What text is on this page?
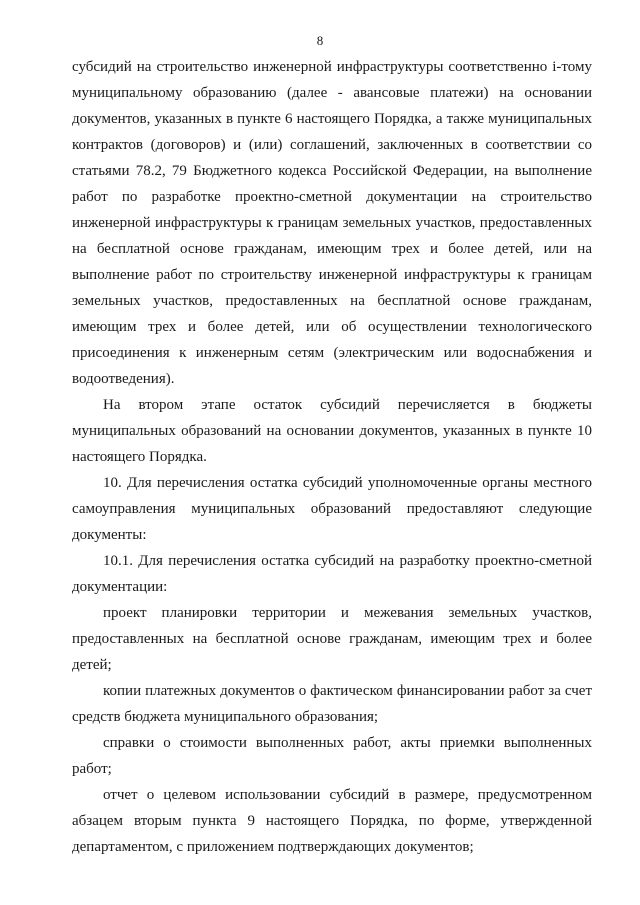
8

субсидий на строительство инженерной инфраструктуры соответственно i-тому муниципальному образованию (далее - авансовые платежи) на основании документов, указанных в пункте 6 настоящего Порядка, а также муниципальных контрактов (договоров) и (или) соглашений, заключенных в соответствии со статьями 78.2, 79 Бюджетного кодекса Российской Федерации, на выполнение работ по разработке проектно-сметной документации на строительство инженерной инфраструктуры к границам земельных участков, предоставленных на бесплатной основе гражданам, имеющим трех и более детей, или на выполнение работ по строительству инженерной инфраструктуры к границам земельных участков, предоставленных на бесплатной основе гражданам, имеющим трех и более детей, или об осуществлении технологического присоединения к инженерным сетям (электрическим или водоснабжения и водоотведения).

На втором этапе остаток субсидий перечисляется в бюджеты муниципальных образований на основании документов, указанных в пункте 10 настоящего Порядка.

10. Для перечисления остатка субсидий уполномоченные органы местного самоуправления муниципальных образований предоставляют следующие документы:

10.1. Для перечисления остатка субсидий на разработку проектно-сметной документации:

проект планировки территории и межевания земельных участков, предоставленных на бесплатной основе гражданам, имеющим трех и более детей;

копии платежных документов о фактическом финансировании работ за счет средств бюджета муниципального образования;

справки о стоимости выполненных работ, акты приемки выполненных работ;

отчет о целевом использовании субсидий в размере, предусмотренном абзацем вторым пункта 9 настоящего Порядка, по форме, утвержденной департаментом, с приложением подтверждающих документов;
